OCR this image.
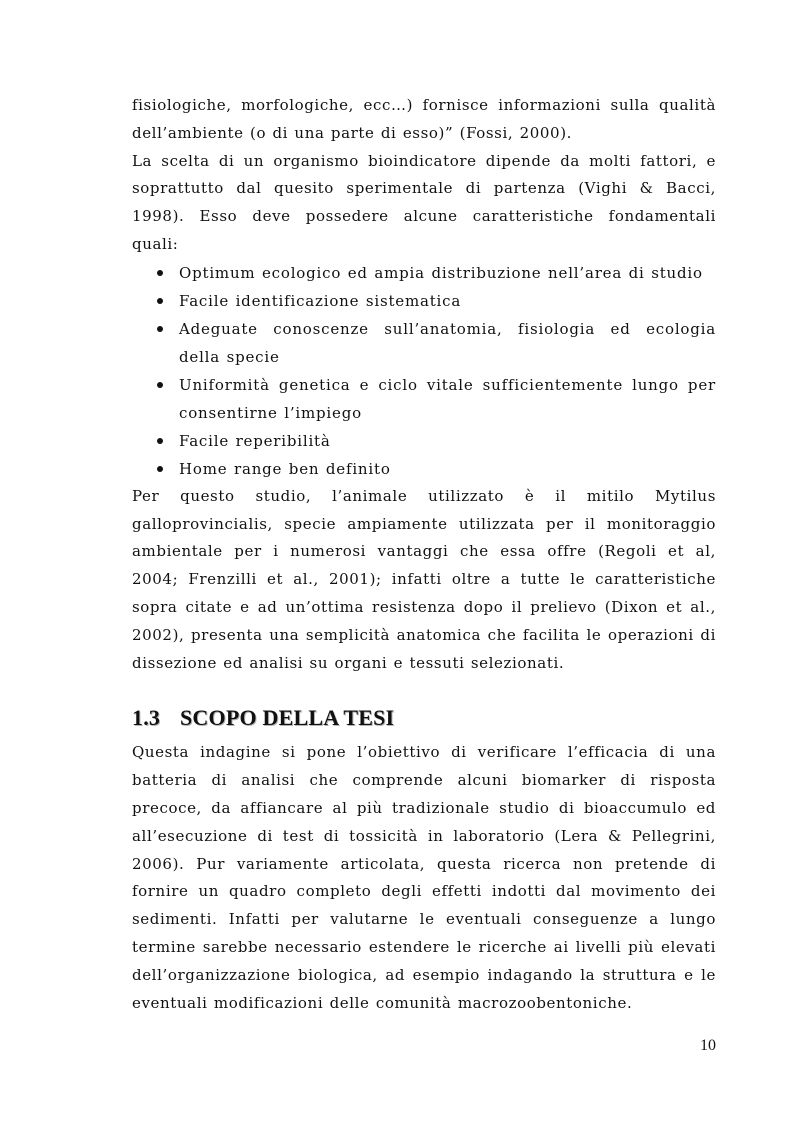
fisiologiche, morfologiche, ecc…) fornisce informazioni sulla qualità dell’ambiente (o di una parte di esso)” (Fossi, 2000).

La scelta di un organismo bioindicatore dipende da molti fattori, e soprattutto dal quesito sperimentale di partenza (Vighi & Bacci, 1998). Esso deve possedere alcune caratteristiche fondamentali quali:

Optimum ecologico ed ampia distribuzione nell’area di studio
Facile identificazione sistematica
Adeguate conoscenze sull’anatomia, fisiologia ed ecologia della specie
Uniformità genetica e ciclo vitale sufficientemente lungo per consentirne l’impiego
Facile reperibilità
Home range ben definito

Per questo studio, l’animale utilizzato è il mitilo Mytilus galloprovincialis, specie ampiamente utilizzata per il monitoraggio ambientale per i numerosi vantaggi che essa offre (Regoli et al, 2004; Frenzilli et al., 2001); infatti oltre a tutte le caratteristiche sopra citate e ad un’ottima resistenza dopo il prelievo (Dixon et al., 2002), presenta una semplicità anatomica che facilita le operazioni di dissezione ed analisi su organi e tessuti selezionati.

1.3 SCOPO DELLA TESI

Questa indagine si pone l’obiettivo di verificare l’efficacia di una batteria di analisi che comprende alcuni biomarker di risposta precoce, da affiancare al più tradizionale studio di bioaccumulo ed all’esecuzione di test di tossicità in laboratorio (Lera & Pellegrini, 2006). Pur variamente articolata, questa ricerca non pretende di fornire un quadro completo degli effetti indotti dal movimento dei sedimenti. Infatti per valutarne le eventuali conseguenze a lungo termine sarebbe necessario estendere le ricerche ai livelli più elevati dell’organizzazione biologica, ad esempio indagando la struttura e le eventuali modificazioni delle comunità macrozoobentoniche.

10
